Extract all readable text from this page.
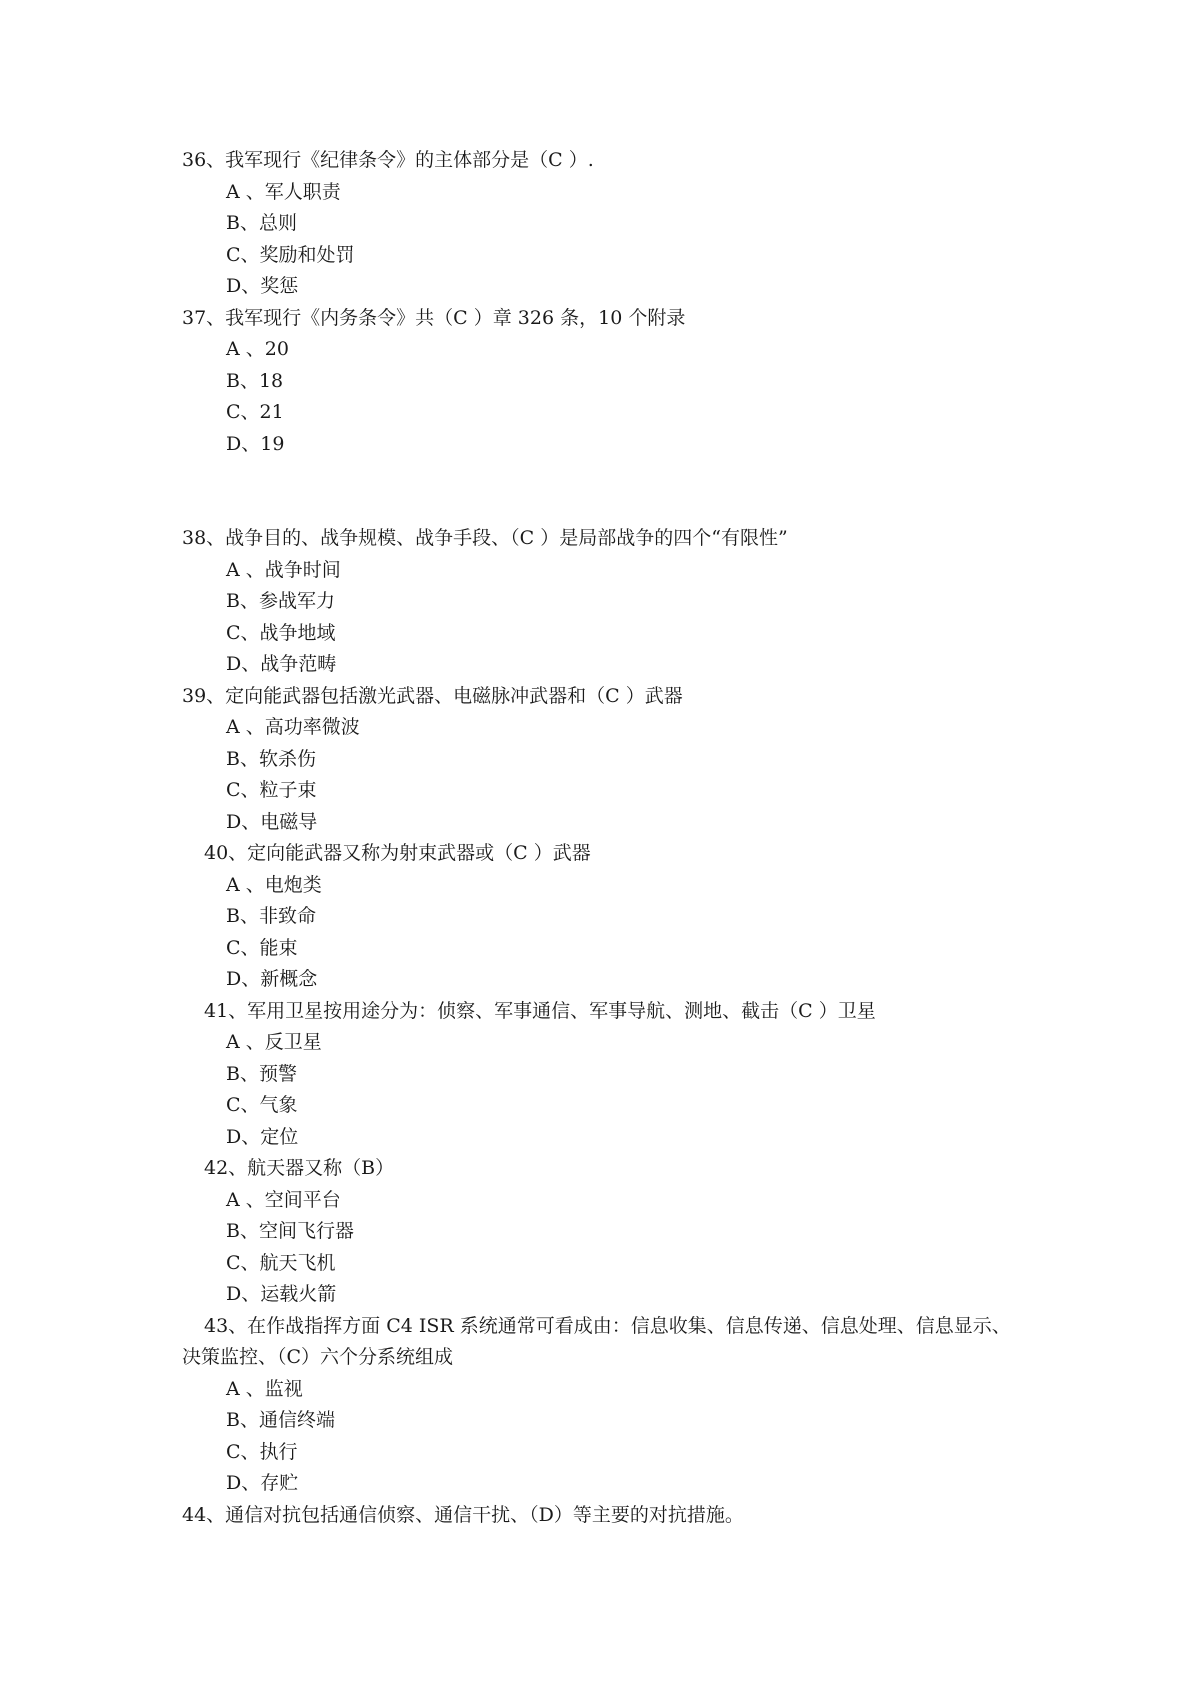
36、我军现行《纪律条令》的主体部分是（C ）.
A 、军人职责
B、总则
C、奖励和处罚
D、奖惩
37、我军现行《内务条令》共（C ）章 326 条，10 个附录
A 、20
B、18
C、21
D、19
38、战争目的、战争规模、战争手段、（C ）是局部战争的四个“有限性”
A 、战争时间
B、参战军力
C、战争地域
D、战争范畴
39、定向能武器包括激光武器、电磁脉冲武器和（C ）武器
A 、高功率微波
B、软杀伤
C、粒子束
D、电磁导
40、定向能武器又称为射束武器或（C ）武器
A 、电炮类
B、非致命
C、能束
D、新概念
41、军用卫星按用途分为：侦察、军事通信、军事导航、测地、截击（C ）卫星
A 、反卫星
B、预警
C、气象
D、定位
42、航天器又称（B）
A 、空间平台
B、空间飞行器
C、航天飞机
D、运载火箭
43、在作战指挥方面 C4 ISR 系统通常可看成由：信息收集、信息传递、信息处理、信息显示、决策监控、（C）六个分系统组成
A 、监视
B、通信终端
C、执行
D、存贮
44、通信对抗包括通信侦察、通信干扰、（D）等主要的对抗措施。
